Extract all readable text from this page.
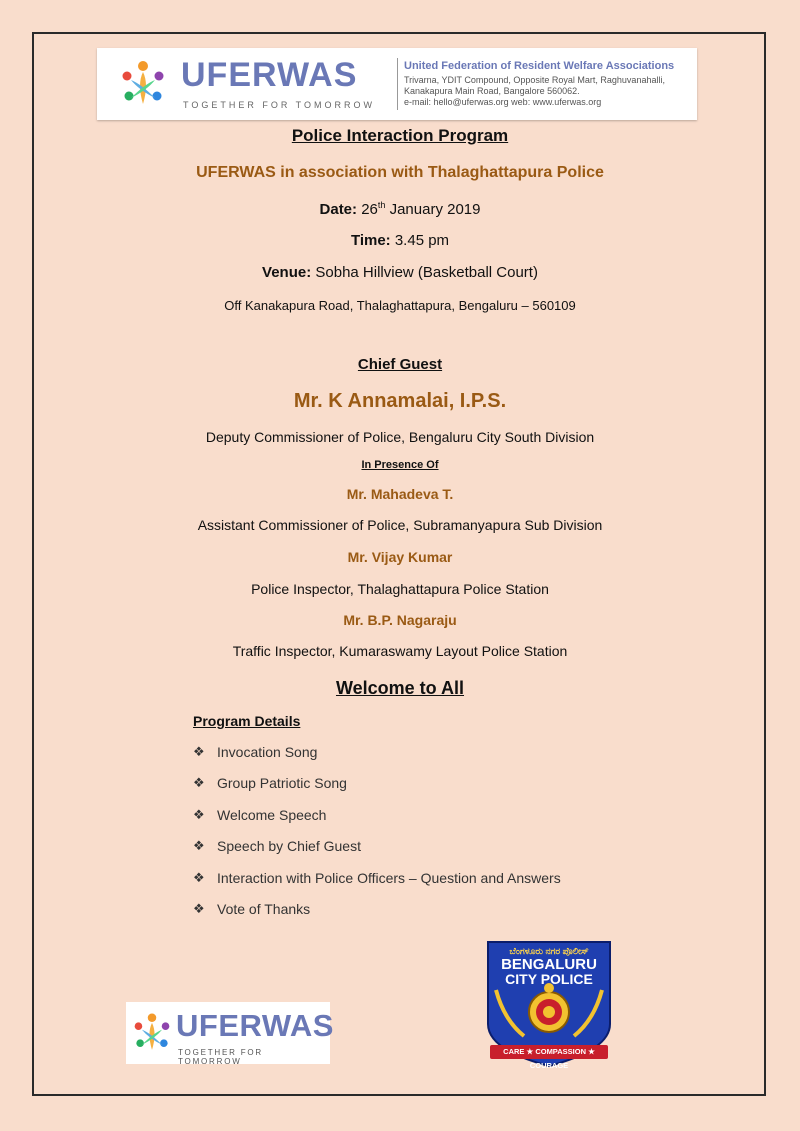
UFERWAS
TOGETHER FOR TOMORROW
United Federation of Resident Welfare Associations
Trivarna, YDIT Compound, Opposite Royal Mart, Raghuvanahalli,
Kanakapura Main Road, Bangalore 560062.
e-mail: hello@uferwas.org web: www.uferwas.org
Police Interaction Program
UFERWAS in association with Thalaghattapura Police
Date: 26th January 2019
Time: 3.45 pm
Venue: Sobha Hillview (Basketball Court)
Off Kanakapura Road, Thalaghattapura, Bengaluru – 560109
Chief Guest
Mr. K Annamalai, I.P.S.
Deputy Commissioner of Police, Bengaluru City South Division
In Presence Of
Mr. Mahadeva T.
Assistant Commissioner of Police, Subramanyapura Sub Division
Mr. Vijay Kumar
Police Inspector, Thalaghattapura Police Station
Mr. B.P. Nagaraju
Traffic Inspector, Kumaraswamy Layout Police Station
Welcome to All
Program Details
❖ Invocation Song
❖ Group Patriotic Song
❖ Welcome Speech
❖ Speech by Chief Guest
❖ Interaction with Police Officers – Question and Answers
❖ Vote of Thanks
UFERWAS
TOGETHER FOR TOMORROW
ಬೆಂಗಳೂರು ನಗರ ಪೊಲೀಸ್
BENGALURU
CITY POLICE
CARE ★ COMPASSION ★ COURAGE
